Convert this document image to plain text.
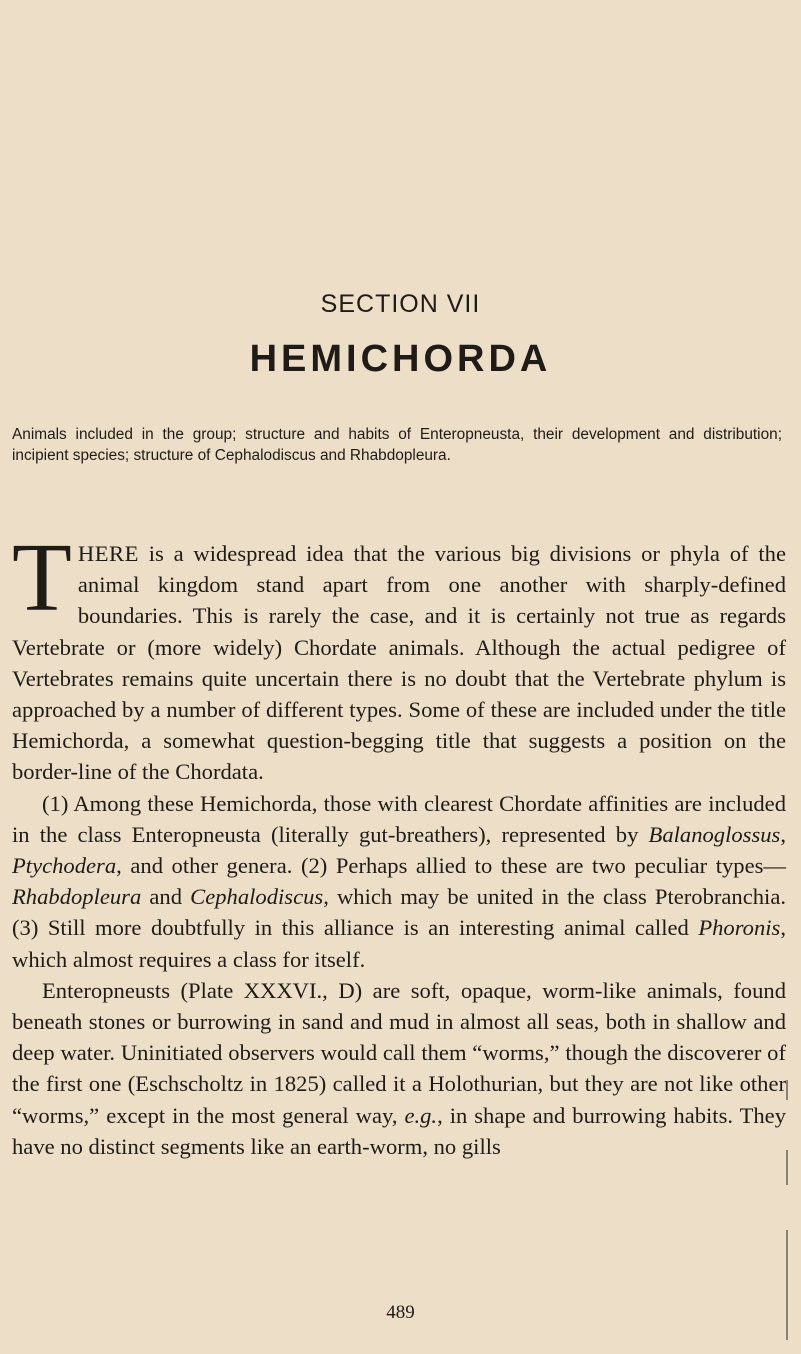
SECTION VII
HEMICHORDA
Animals included in the group; structure and habits of Enteropneusta, their development and distribution; incipient species; structure of Cephalodiscus and Rhabdopleura.

THERE is a widespread idea that the various big divisions or phyla of the animal kingdom stand apart from one another with sharply-defined boundaries. This is rarely the case, and it is certainly not true as regards Vertebrate or (more widely) Chordate animals. Although the actual pedigree of Vertebrates remains quite uncertain there is no doubt that the Vertebrate phylum is approached by a number of different types. Some of these are included under the title Hemichorda, a somewhat question-begging title that suggests a position on the border-line of the Chordata.

(1) Among these Hemichorda, those with clearest Chordate affinities are included in the class Enteropneusta (literally gut-breathers), represented by Balanoglossus, Ptychodera, and other genera. (2) Perhaps allied to these are two peculiar types—Rhabdopleura and Cephalodiscus, which may be united in the class Pterobranchia. (3) Still more doubtfully in this alliance is an interesting animal called Phoronis, which almost requires a class for itself.

Enteropneusts (Plate XXXVI., D) are soft, opaque, worm-like animals, found beneath stones or burrowing in sand and mud in almost all seas, both in shallow and deep water. Uninitiated observers would call them “worms,” though the discoverer of the first one (Eschscholtz in 1825) called it a Holothurian, but they are not like other “worms,” except in the most general way, e.g., in shape and burrowing habits. They have no distinct segments like an earth-worm, no gills

489
